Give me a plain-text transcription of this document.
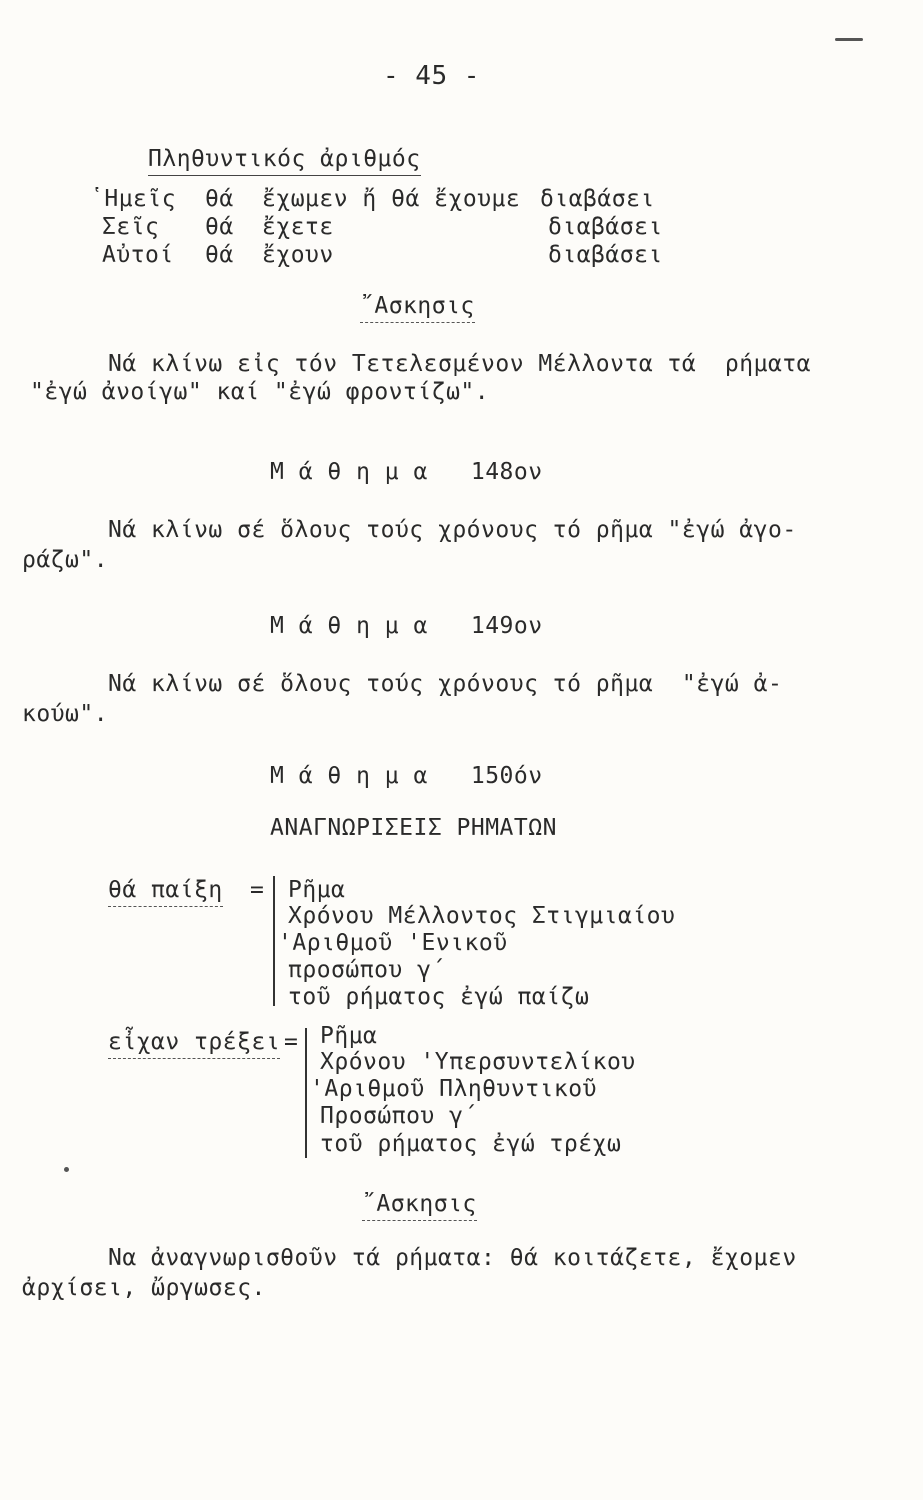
- 45 -
Πληθυντικός ἀριθμός
῾Ημεῖς θά ἔχωμεν ἤ θά ἔχουμε διαβάσει
Σεῖς θά ἔχετε	διαβάσει
Αὐτοί θά ἔχουν	διαβάσει
῎Ασκησις
Νά κλίνω εἰς τόν Τετελεσμένον Μέλλοντα τά  ρήματα
"ἐγώ ἀνοίγω" καί "ἐγώ φροντίζω".
Μ ά θ η μ α   148ον
Νά κλίνω σέ ὅλους τούς χρόνους τό ρῆμα "ἐγώ ἀγο-
ράζω".
Μ ά θ η μ α   149ον
Νά κλίνω σέ ὅλους τούς χρόνους τό ρῆμα  "ἐγώ ἀ-
κούω".
Μ ά θ η μ α   150όν
ΑΝΑΓΝΩΡΙΣΕΙΣ ΡΗΜΑΤΩΝ
θά παίξη = Ρῆμα
Χρόνου Μέλλοντος Στιγμιαίου
'Αριθμοῦ 'Ενικοῦ
προσώπου γ΄
τοῦ ρήματος ἐγώ παίζω
εἶχαν τρέξει = Ρῆμα
Χρόνου 'Υπερσυντελίκου
'Αριθμοῦ Πληθυντικοῦ
Προσώπου γ΄
τοῦ ρήματος ἐγώ τρέχω
῎Ασκησις
Να ἀναγνωρισθοῦν τά ρήματα: θά κοιτάζετε, ἔχομεν
ἀρχίσει, ὤργωσες.
